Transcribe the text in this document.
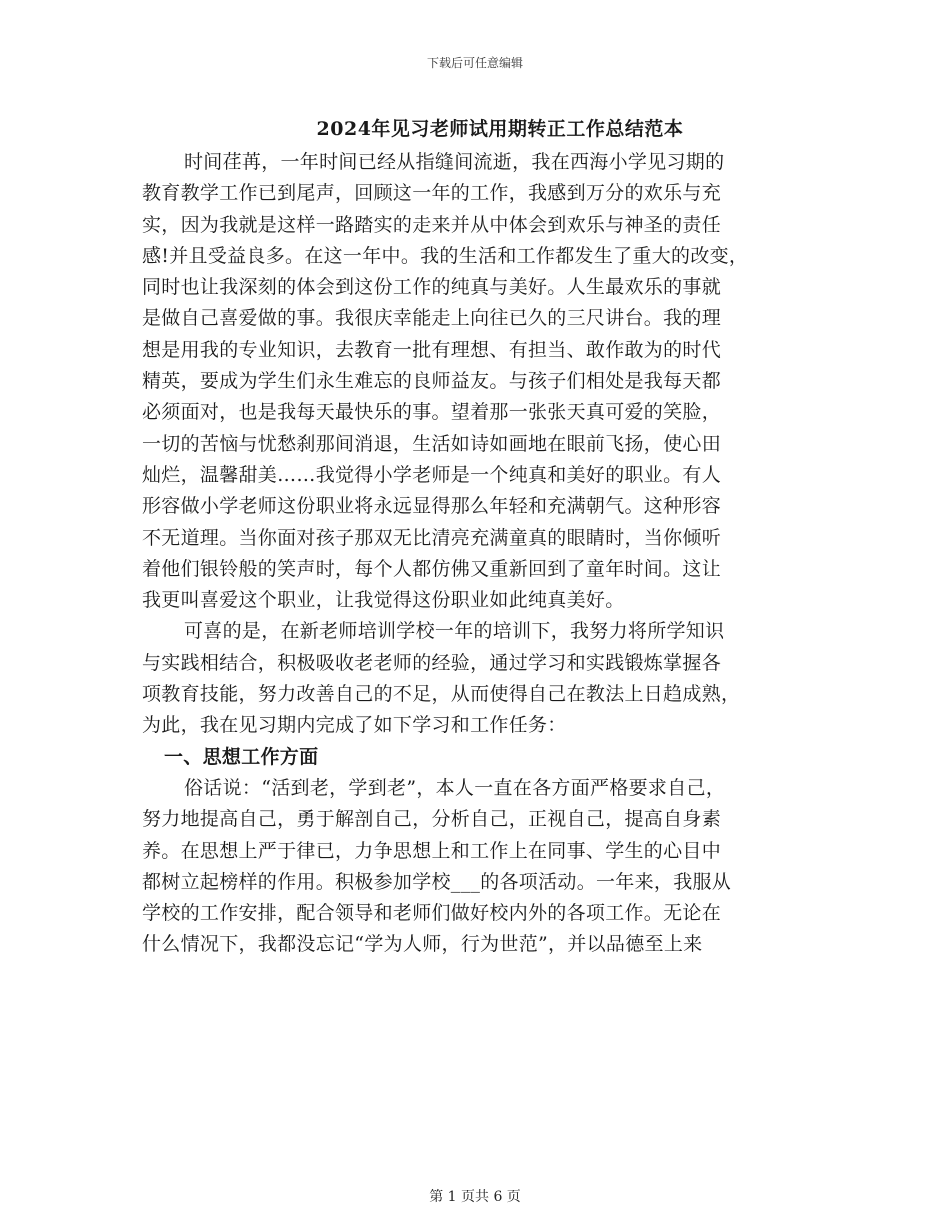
下载后可任意编辑
2024年见习老师试用期转正工作总结范本
时间荏苒，一年时间已经从指缝间流逝，我在西海小学见习期的
教育教学工作已到尾声，回顾这一年的工作，我感到万分的欢乐与充
实，因为我就是这样一路踏实的走来并从中体会到欢乐与神圣的责任
感!并且受益良多。在这一年中。我的生活和工作都发生了重大的改变，
同时也让我深刻的体会到这份工作的纯真与美好。人生最欢乐的事就
是做自己喜爱做的事。我很庆幸能走上向往已久的三尺讲台。我的理
想是用我的专业知识，去教育一批有理想、有担当、敢作敢为的时代
精英，要成为学生们永生难忘的良师益友。与孩子们相处是我每天都
必须面对，也是我每天最快乐的事。望着那一张张天真可爱的笑脸，
一切的苦恼与忧愁刹那间消退，生活如诗如画地在眼前飞扬，使心田
灿烂，温馨甜美……我觉得小学老师是一个纯真和美好的职业。有人
形容做小学老师这份职业将永远显得那么年轻和充满朝气。这种形容
不无道理。当你面对孩子那双无比清亮充满童真的眼睛时，当你倾听
着他们银铃般的笑声时，每个人都仿佛又重新回到了童年时间。这让
我更叫喜爱这个职业，让我觉得这份职业如此纯真美好。
可喜的是，在新老师培训学校一年的培训下，我努力将所学知识
与实践相结合，积极吸收老老师的经验，通过学习和实践锻炼掌握各
项教育技能，努力改善自己的不足，从而使得自己在教法上日趋成熟，
为此，我在见习期内完成了如下学习和工作任务：
一、思想工作方面
俗话说：“活到老，学到老”，本人一直在各方面严格要求自己，
努力地提高自己，勇于解剖自己，分析自己，正视自己，提高自身素
养。在思想上严于律已，力争思想上和工作上在同事、学生的心目中
都树立起榜样的作用。积极参加学校___的各项活动。一年来，我服从
学校的工作安排，配合领导和老师们做好校内外的各项工作。无论在
什么情况下，我都没忘记“学为人师，行为世范”，并以品德至上来
第 1 页共 6 页
